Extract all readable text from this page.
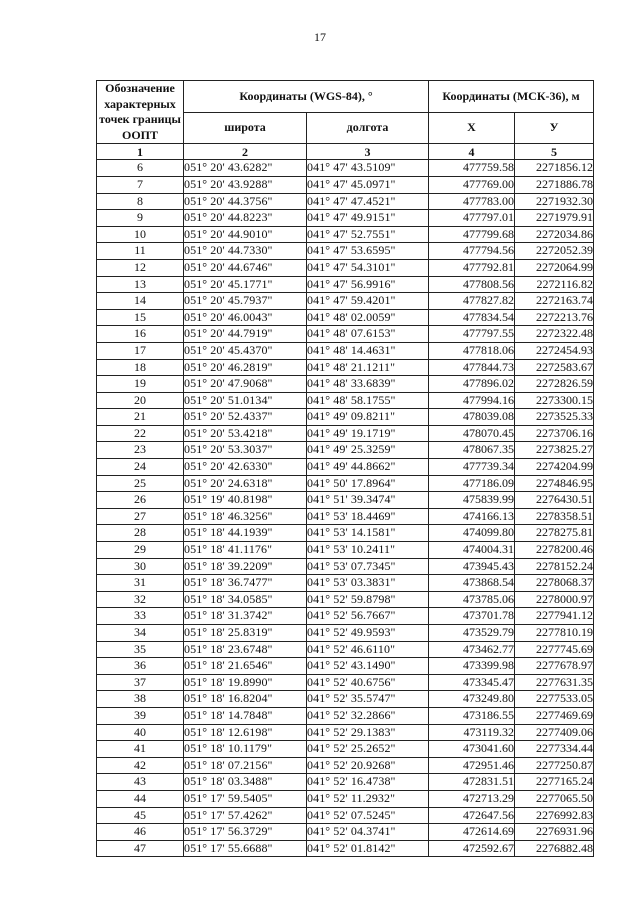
17
Обозначение характерных точек границы ООПТ	Координаты (WGS-84), °		Координаты (МСК-36), м	
	широта	долгота	Х	У
1	2	3	4	5
6	051° 20' 43.6282"	041° 47' 43.5109"	477759.58	2271856.12
7	051° 20' 43.9288"	041° 47' 45.0971"	477769.00	2271886.78
8	051° 20' 44.3756"	041° 47' 47.4521"	477783.00	2271932.30
9	051° 20' 44.8223"	041° 47' 49.9151"	477797.01	2271979.91
10	051° 20' 44.9010"	041° 47' 52.7551"	477799.68	2272034.86
11	051° 20' 44.7330"	041° 47' 53.6595"	477794.56	2272052.39
12	051° 20' 44.6746"	041° 47' 54.3101"	477792.81	2272064.99
13	051° 20' 45.1771"	041° 47' 56.9916"	477808.56	2272116.82
14	051° 20' 45.7937"	041° 47' 59.4201"	477827.82	2272163.74
15	051° 20' 46.0043"	041° 48' 02.0059"	477834.54	2272213.76
16	051° 20' 44.7919"	041° 48' 07.6153"	477797.55	2272322.48
17	051° 20' 45.4370"	041° 48' 14.4631"	477818.06	2272454.93
18	051° 20' 46.2819"	041° 48' 21.1211"	477844.73	2272583.67
19	051° 20' 47.9068"	041° 48' 33.6839"	477896.02	2272826.59
20	051° 20' 51.0134"	041° 48' 58.1755"	477994.16	2273300.15
21	051° 20' 52.4337"	041° 49' 09.8211"	478039.08	2273525.33
22	051° 20' 53.4218"	041° 49' 19.1719"	478070.45	2273706.16
23	051° 20' 53.3037"	041° 49' 25.3259"	478067.35	2273825.27
24	051° 20' 42.6330"	041° 49' 44.8662"	477739.34	2274204.99
25	051° 20' 24.6318"	041° 50' 17.8964"	477186.09	2274846.95
26	051° 19' 40.8198"	041° 51' 39.3474"	475839.99	2276430.51
27	051° 18' 46.3256"	041° 53' 18.4469"	474166.13	2278358.51
28	051° 18' 44.1939"	041° 53' 14.1581"	474099.80	2278275.81
29	051° 18' 41.1176"	041° 53' 10.2411"	474004.31	2278200.46
30	051° 18' 39.2209"	041° 53' 07.7345"	473945.43	2278152.24
31	051° 18' 36.7477"	041° 53' 03.3831"	473868.54	2278068.37
32	051° 18' 34.0585"	041° 52' 59.8798"	473785.06	2278000.97
33	051° 18' 31.3742"	041° 52' 56.7667"	473701.78	2277941.12
34	051° 18' 25.8319"	041° 52' 49.9593"	473529.79	2277810.19
35	051° 18' 23.6748"	041° 52' 46.6110"	473462.77	2277745.69
36	051° 18' 21.6546"	041° 52' 43.1490"	473399.98	2277678.97
37	051° 18' 19.8990"	041° 52' 40.6756"	473345.47	2277631.35
38	051° 18' 16.8204"	041° 52' 35.5747"	473249.80	2277533.05
39	051° 18' 14.7848"	041° 52' 32.2866"	473186.55	2277469.69
40	051° 18' 12.6198"	041° 52' 29.1383"	473119.32	2277409.06
41	051° 18' 10.1179"	041° 52' 25.2652"	473041.60	2277334.44
42	051° 18' 07.2156"	041° 52' 20.9268"	472951.46	2277250.87
43	051° 18' 03.3488"	041° 52' 16.4738"	472831.51	2277165.24
44	051° 17' 59.5405"	041° 52' 11.2932"	472713.29	2277065.50
45	051° 17' 57.4262"	041° 52' 07.5245"	472647.56	2276992.83
46	051° 17' 56.3729"	041° 52' 04.3741"	472614.69	2276931.96
47	051° 17' 55.6688"	041° 52' 01.8142"	472592.67	2276882.48
